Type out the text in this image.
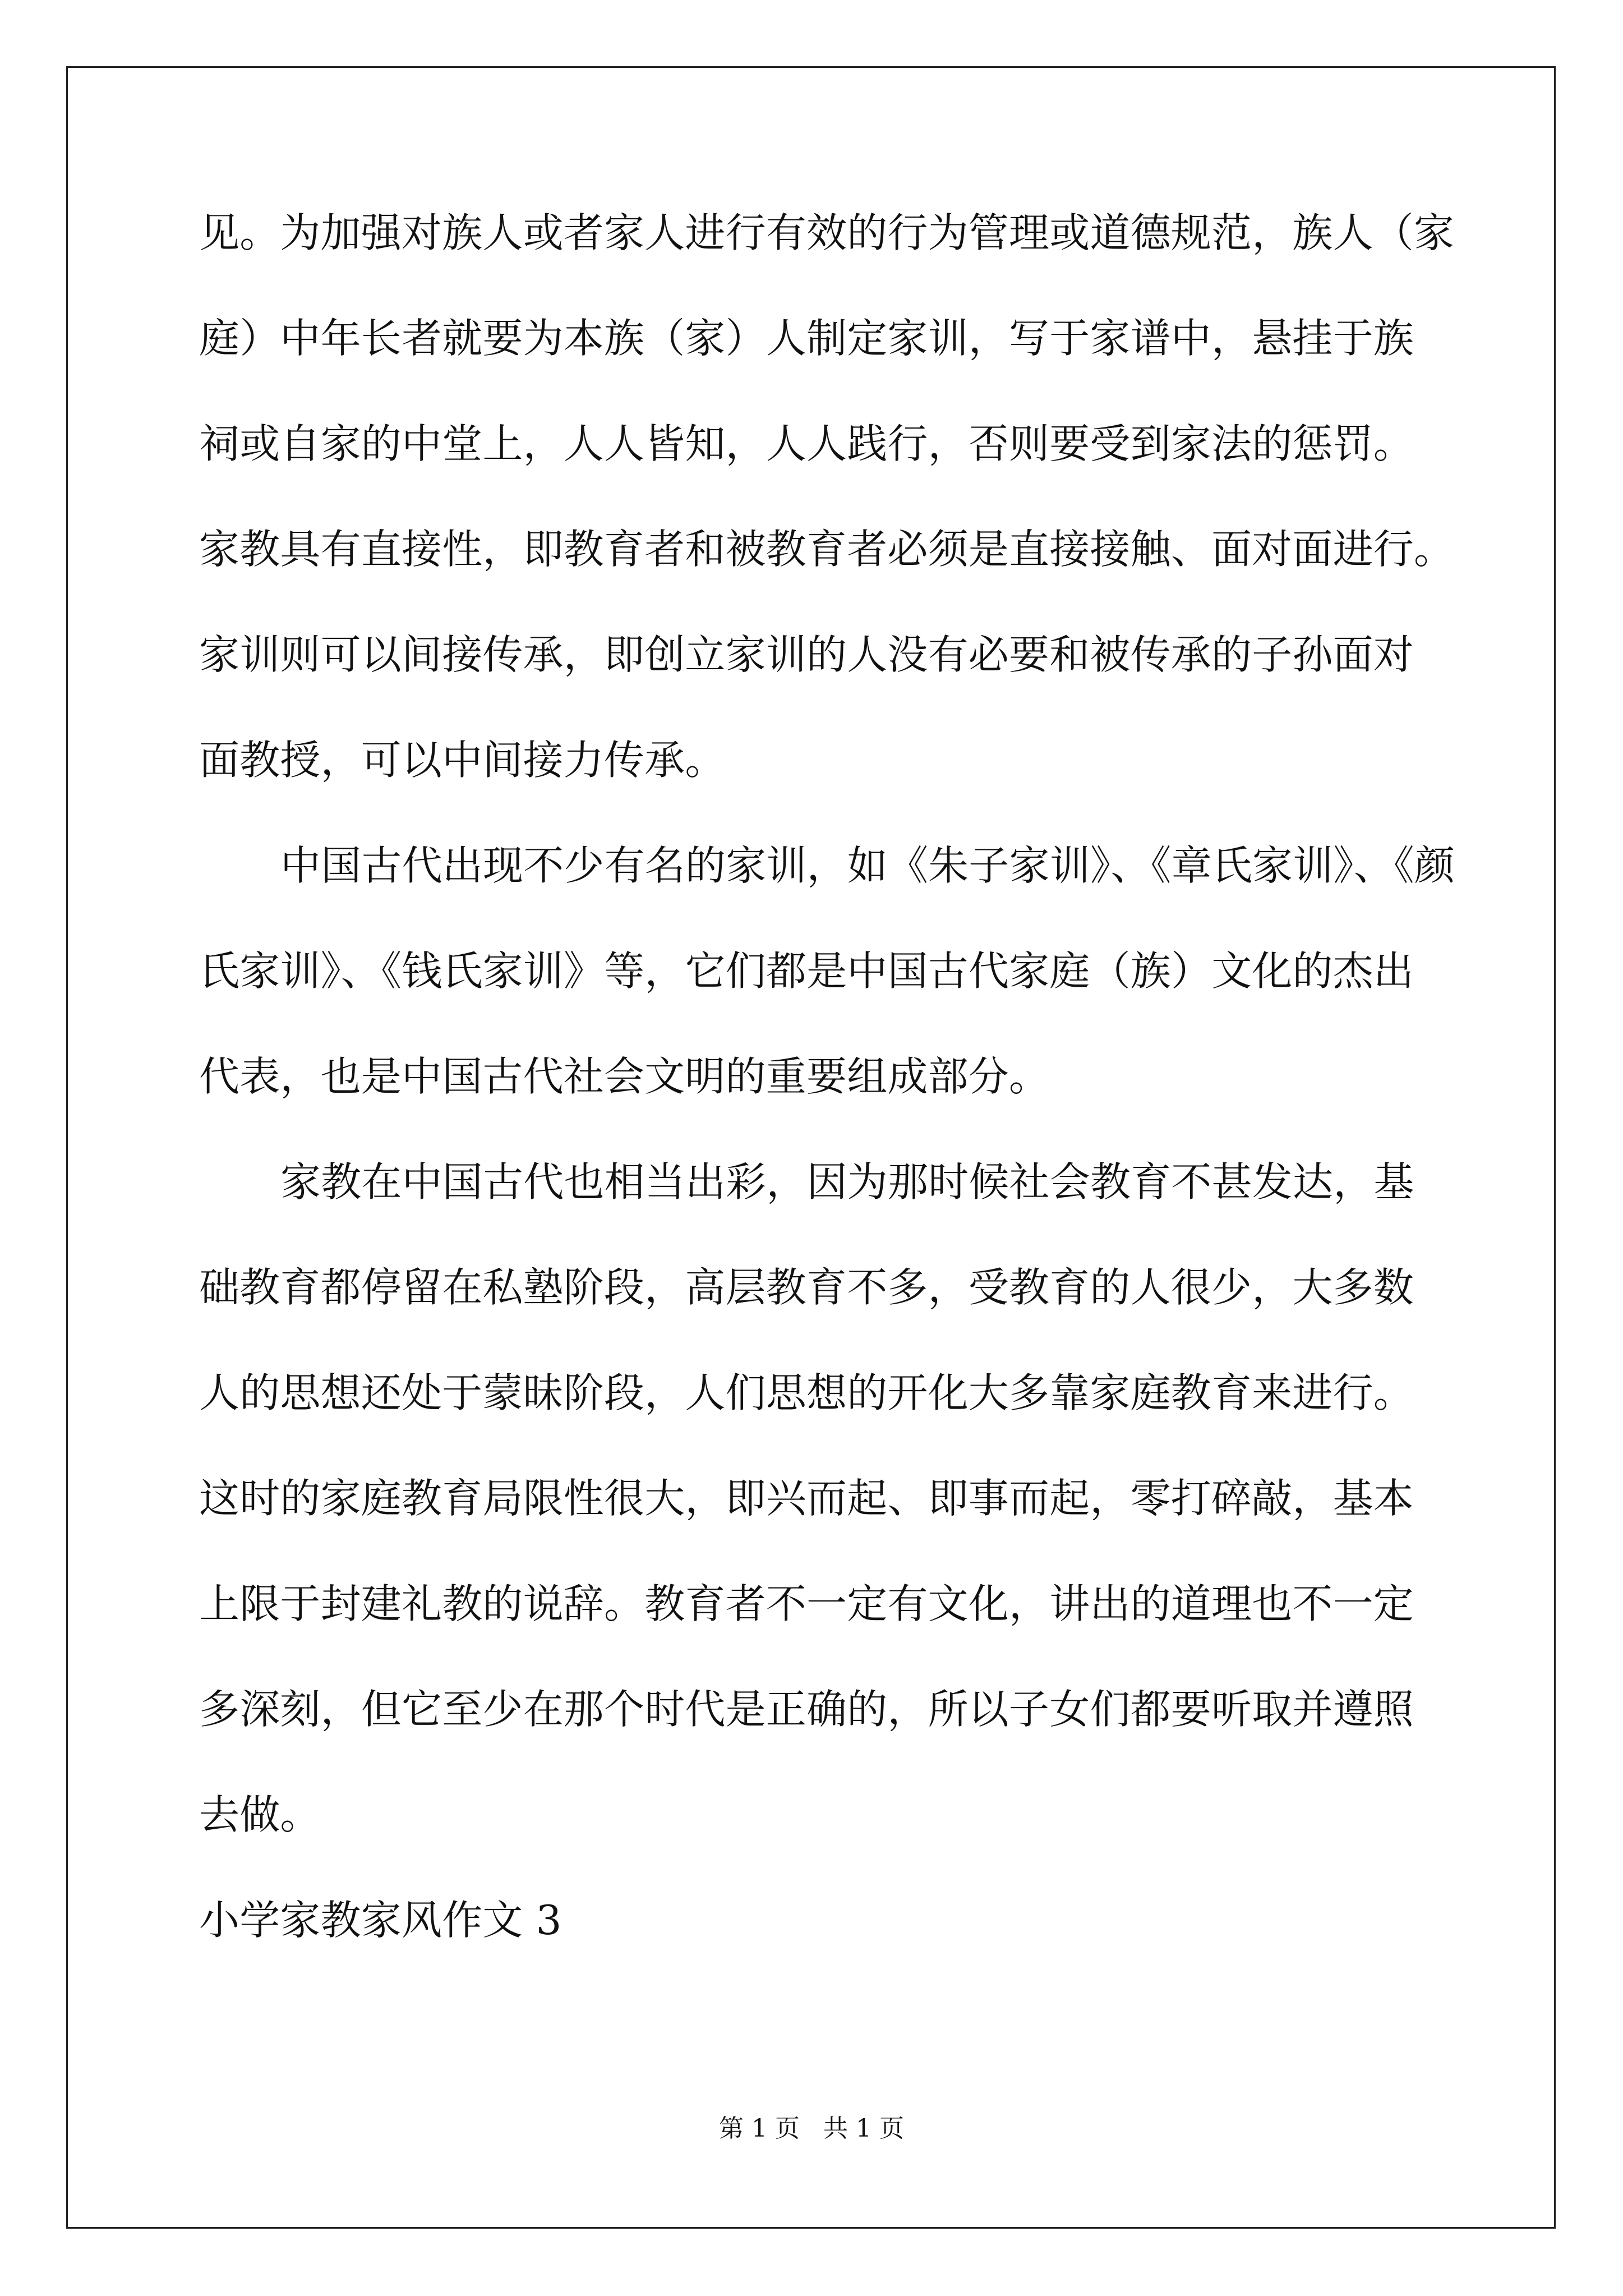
见。为加强对族人或者家人进行有效的行为管理或道德规范，族人（家
庭）中年长者就要为本族（家）人制定家训，写于家谱中，悬挂于族
祠或自家的中堂上，人人皆知，人人践行，否则要受到家法的惩罚。
家教具有直接性，即教育者和被教育者必须是直接接触、面对面进行。
家训则可以间接传承，即创立家训的人没有必要和被传承的子孙面对
面教授，可以中间接力传承。
中国古代出现不少有名的家训，如《朱子家训》、《章氏家训》、《颜
氏家训》、《钱氏家训》等，它们都是中国古代家庭（族）文化的杰出
代表，也是中国古代社会文明的重要组成部分。
家教在中国古代也相当出彩，因为那时候社会教育不甚发达，基
础教育都停留在私塾阶段，高层教育不多，受教育的人很少，大多数
人的思想还处于蒙昧阶段，人们思想的开化大多靠家庭教育来进行。
这时的家庭教育局限性很大，即兴而起、即事而起，零打碎敲，基本
上限于封建礼教的说辞。教育者不一定有文化，讲出的道理也不一定
多深刻，但它至少在那个时代是正确的，所以子女们都要听取并遵照
去做。
小学家教家风作文 3
第 1 页   共 1 页
